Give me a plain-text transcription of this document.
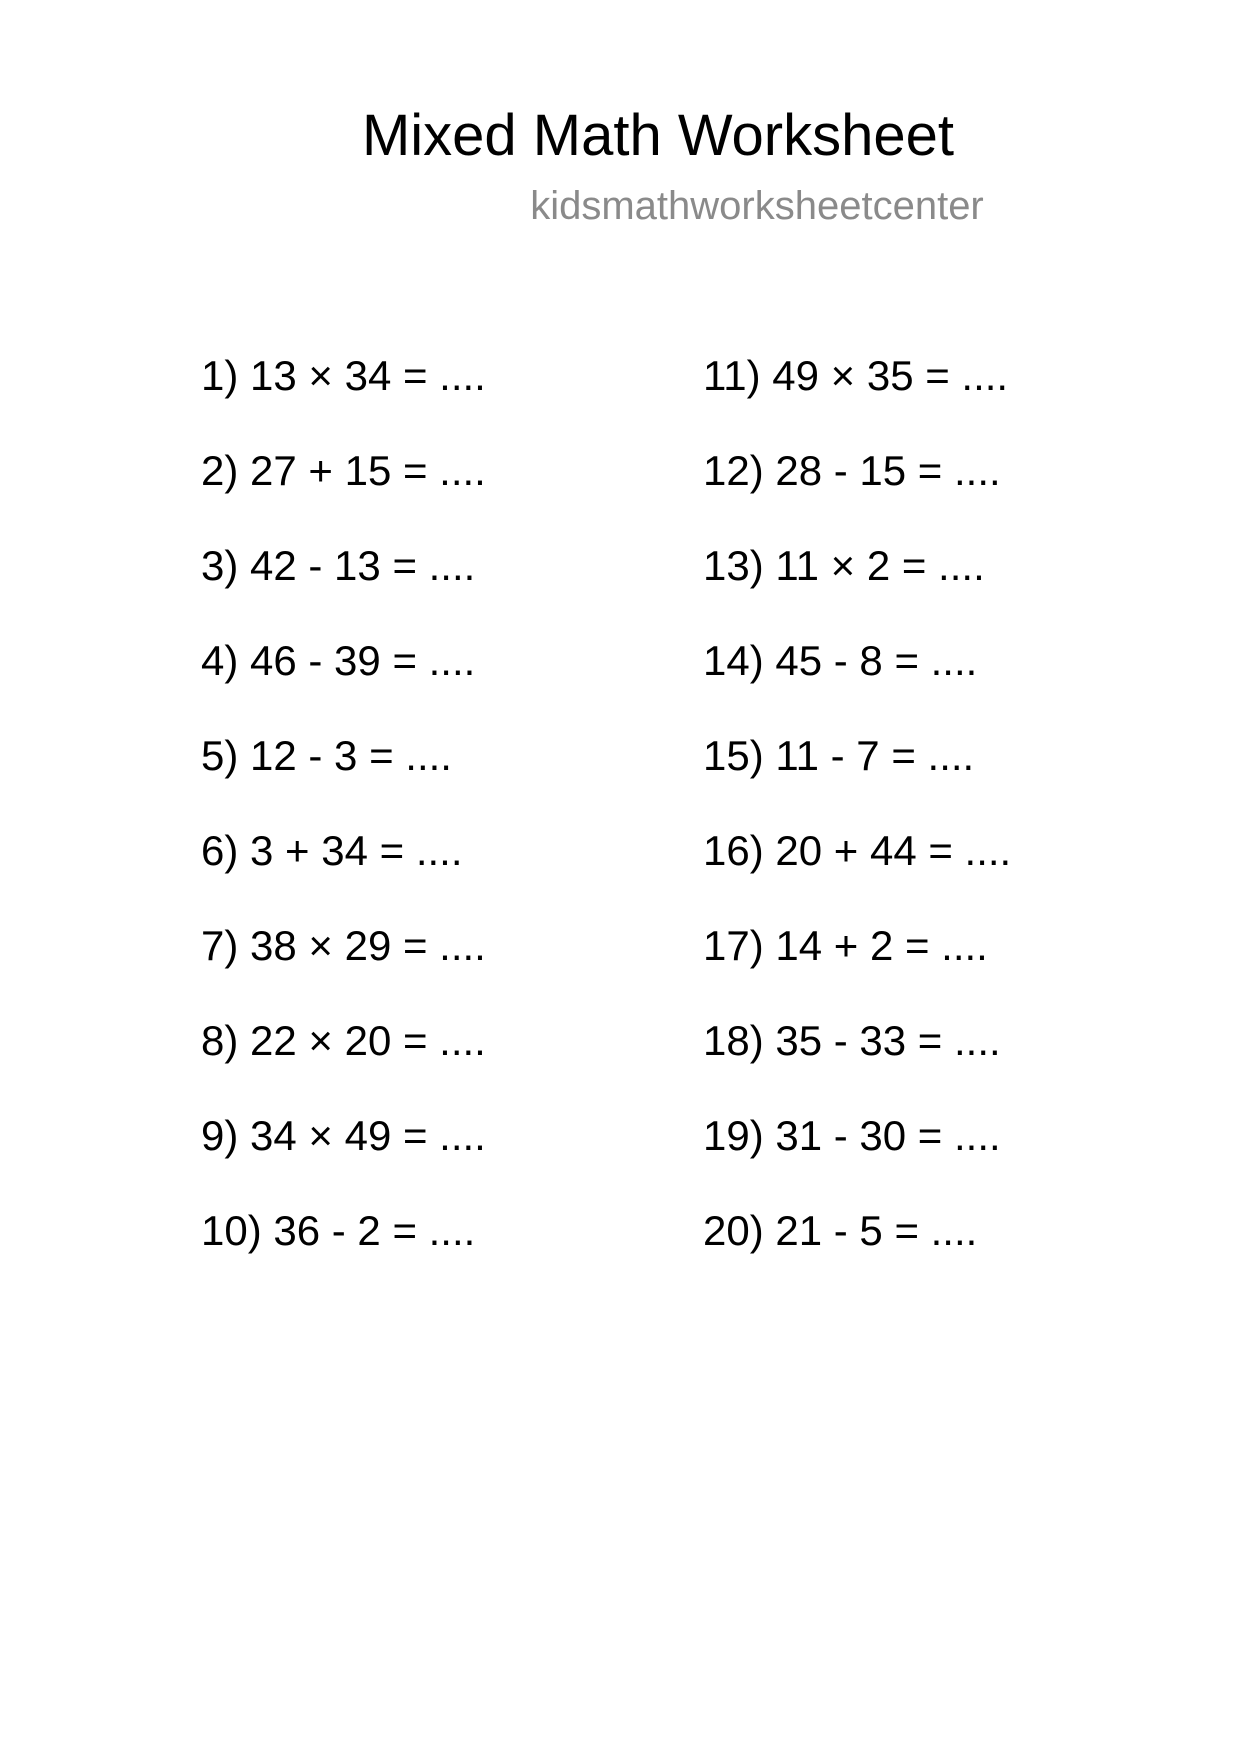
Mixed Math Worksheet
kidsmathworksheetcenter
1) 13 × 34 = ....
2) 27 + 15 = ....
3) 42 - 13 = ....
4) 46 - 39 = ....
5) 12 - 3 = ....
6) 3 + 34 = ....
7) 38 × 29 = ....
8) 22 × 20 = ....
9) 34 × 49 = ....
10) 36 - 2 = ....
11) 49 × 35 = ....
12) 28 - 15 = ....
13) 11 × 2 = ....
14) 45 - 8 = ....
15) 11 - 7 = ....
16) 20 + 44 = ....
17) 14 + 2 = ....
18) 35 - 33 = ....
19) 31 - 30 = ....
20) 21 - 5 = ....
